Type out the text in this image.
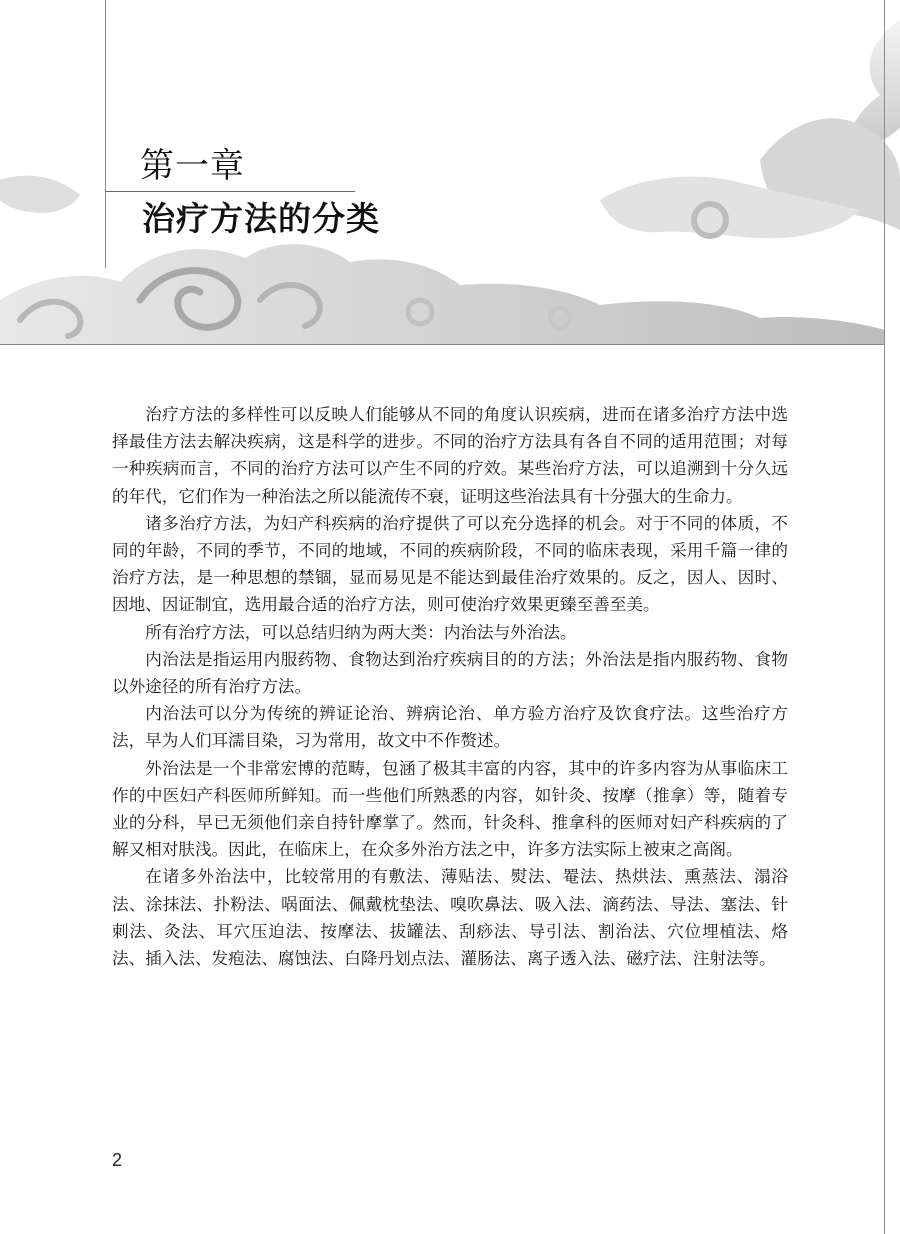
第一章
治疗方法的分类

治疗方法的多样性可以反映人们能够从不同的角度认识疾病，进而在诸多治疗方法中选择最佳方法去解决疾病，这是科学的进步。不同的治疗方法具有各自不同的适用范围；对每一种疾病而言，不同的治疗方法可以产生不同的疗效。某些治疗方法，可以追溯到十分久远的年代，它们作为一种治法之所以能流传不衰，证明这些治法具有十分强大的生命力。

诸多治疗方法，为妇产科疾病的治疗提供了可以充分选择的机会。对于不同的体质，不同的年龄，不同的季节，不同的地域，不同的疾病阶段，不同的临床表现，采用千篇一律的治疗方法，是一种思想的禁锢，显而易见是不能达到最佳治疗效果的。反之，因人、因时、因地、因证制宜，选用最合适的治疗方法，则可使治疗效果更臻至善至美。

所有治疗方法，可以总结归纳为两大类：内治法与外治法。

内治法是指运用内服药物、食物达到治疗疾病目的的方法；外治法是指内服药物、食物以外途径的所有治疗方法。

内治法可以分为传统的辨证论治、辨病论治、单方验方治疗及饮食疗法。这些治疗方法，早为人们耳濡目染，习为常用，故文中不作赘述。

外治法是一个非常宏博的范畴，包涵了极其丰富的内容，其中的许多内容为从事临床工作的中医妇产科医师所鲜知。而一些他们所熟悉的内容，如针灸、按摩（推拿）等，随着专业的分科，早已无须他们亲自持针摩掌了。然而，针灸科、推拿科的医师对妇产科疾病的了解又相对肤浅。因此，在临床上，在众多外治方法之中，许多方法实际上被束之高阁。

在诸多外治法中，比较常用的有敷法、薄贴法、熨法、罨法、热烘法、熏蒸法、溻浴法、涂抹法、扑粉法、㖞面法、佩戴枕垫法、嗅吹鼻法、吸入法、滴药法、导法、塞法、针刺法、灸法、耳穴压迫法、按摩法、拔罐法、刮痧法、导引法、割治法、穴位埋植法、烙法、插入法、发疱法、腐蚀法、白降丹划点法、灌肠法、离子透入法、磁疗法、注射法等。

2
